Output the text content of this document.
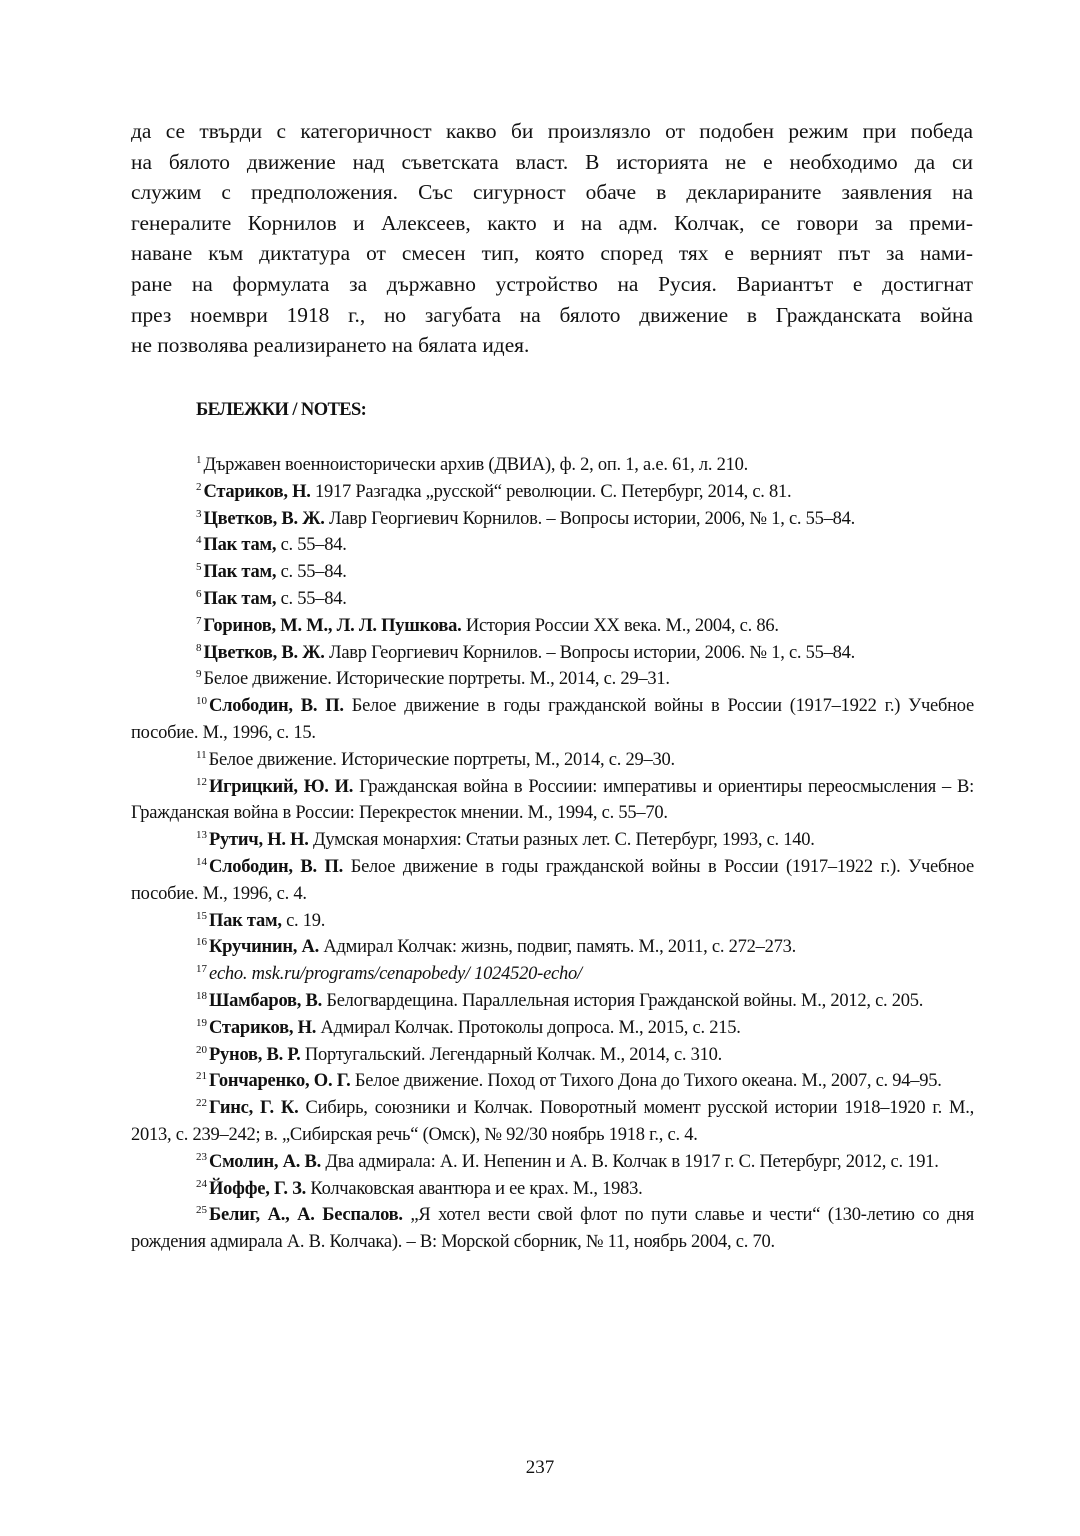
да се твърди с категоричност какво би произлязло от подобен режим при победа
на бялото движение над съветската власт. В историята не е необходимо да си
служим с предположения. Със сигурност обаче в декларираните заявления на
генералите Корнилов и Алексеев, както и на адм. Колчак, се говори за преми-
наване към диктатура от смесен тип, която според тях е верният път за нами-
ране на формулата за държавно устройство на Русия. Вариантът е достигнат
през ноември 1918 г., но загубата на бялото движение в Гражданската война
не позволява реализирането на бялата идея.
БЕЛЕЖКИ / NOTES:

$^1$ Държавен военноисторически архив (ДВИА), ф. 2, оп. 1, а.е. 61, л. 210.

$^2$ Стариков, Н. 1917 Разгадка „русской“ революции. С. Петербург, 2014, с. 81.

$^3$ Цветков, В. Ж. Лавр Георгиевич Корнилов. – Вопросы истории, 2006, № 1, с. 55–84.

$^4$ Пак там, с. 55–84.

$^5$ Пак там, с. 55–84.

$^6$ Пак там, с. 55–84.

$^7$ Горинов, М. М., Л. Л. Пушкова. История России ХХ века. М., 2004, с. 86.

$^8$ Цветков, В. Ж. Лавр Георгиевич Корнилов. – Вопросы истории, 2006. № 1, с. 55–84.

$^9$ Белое движение. Исторические портреты. М., 2014, с. 29–31.

$^{10}$ Слободин, В. П. Белое движение в годы гражданской войны в России (1917–1922 г.) Учебное пособие. М., 1996, с. 15.

$^{11}$ Белое движение. Исторические портреты, М., 2014, с. 29–30.

$^{12}$ Игрицкий, Ю. И. Гражданская война в Россиии: императивы и ориентиры переосмысления – В: Гражданская война в России: Перекресток мнении. М., 1994, с. 55–70.

$^{13}$ Рутич, Н. Н. Думская монархия: Статьи разных лет. С. Петербург, 1993, с. 140.

$^{14}$ Слободин, В. П. Белое движение в годы гражданской войны в России (1917–1922 г.). Учебное пособие. М., 1996, с. 4.

$^{15}$ Пак там, с. 19.

$^{16}$ Кручинин, А. Адмирал Колчак: жизнь, подвиг, память. М., 2011, с. 272–273.

$^{17}$ echo. msk.ru/programs/cenapobedy/ 1024520-echo/

$^{18}$ Шамбаров, В. Белогвардещина. Параллельная история Гражданской войны. М., 2012, с. 205.

$^{19}$ Стариков, Н. Адмирал Колчак. Протоколы допроса. М., 2015, с. 215.

$^{20}$ Рунов, В. Р. Португальский. Легендарный Колчак. М., 2014, с. 310.

$^{21}$ Гончаренко, О. Г. Белое движение. Поход от Тихого Дона до Тихого океана. М., 2007, с. 94–95.

$^{22}$ Гинс, Г. К. Сибирь, союзники и Колчак. Поворотный момент русской истории 1918–1920 г. М., 2013, с. 239–242; в. „Сибирская речь“ (Омск), № 92/30 ноябрь 1918 г., с. 4.

$^{23}$ Смолин, А. В. Два адмирала: А. И. Непенин и А. В. Колчак в 1917 г. С. Петербург, 2012, с. 191.

$^{24}$ Йоффе, Г. З. Колчаковская авантюра и ее крах. М., 1983.

$^{25}$ Белиг, А., А. Беспалов. „Я хотел вести свой флот по пути славье и чести“ (130-летию со дня рождения адмирала А. В. Колчака). – В: Морской сборник, № 11, ноябрь 2004, с. 70.

237
